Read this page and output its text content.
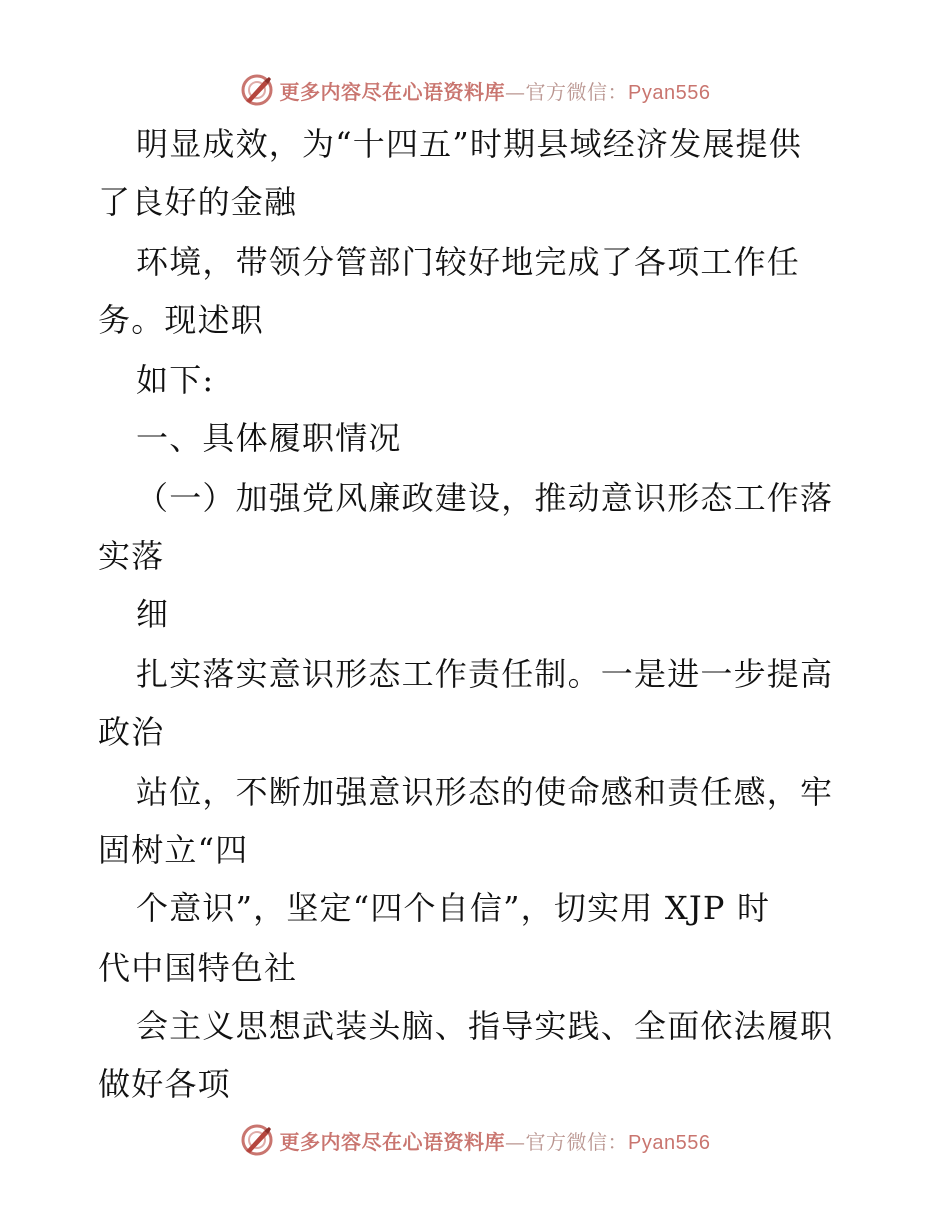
更多内容尽在心语资料库—官方微信：Pyan556
明显成效，为“十四五”时期县域经济发展提供
了良好的金融
环境，带领分管部门较好地完成了各项工作任
务。现述职
如下:
一、具体履职情况
（一）加强党风廉政建设，推动意识形态工作落
实落
细
扎实落实意识形态工作责任制。一是进一步提高
政治
站位，不断加强意识形态的使命感和责任感，牢
固树立“四
个意识”，坚定“四个自信”，切实用 XJP 时
代中国特色社
会主义思想武装头脑、指导实践、全面依法履职
做好各项
更多内容尽在心语资料库—官方微信：Pyan556
